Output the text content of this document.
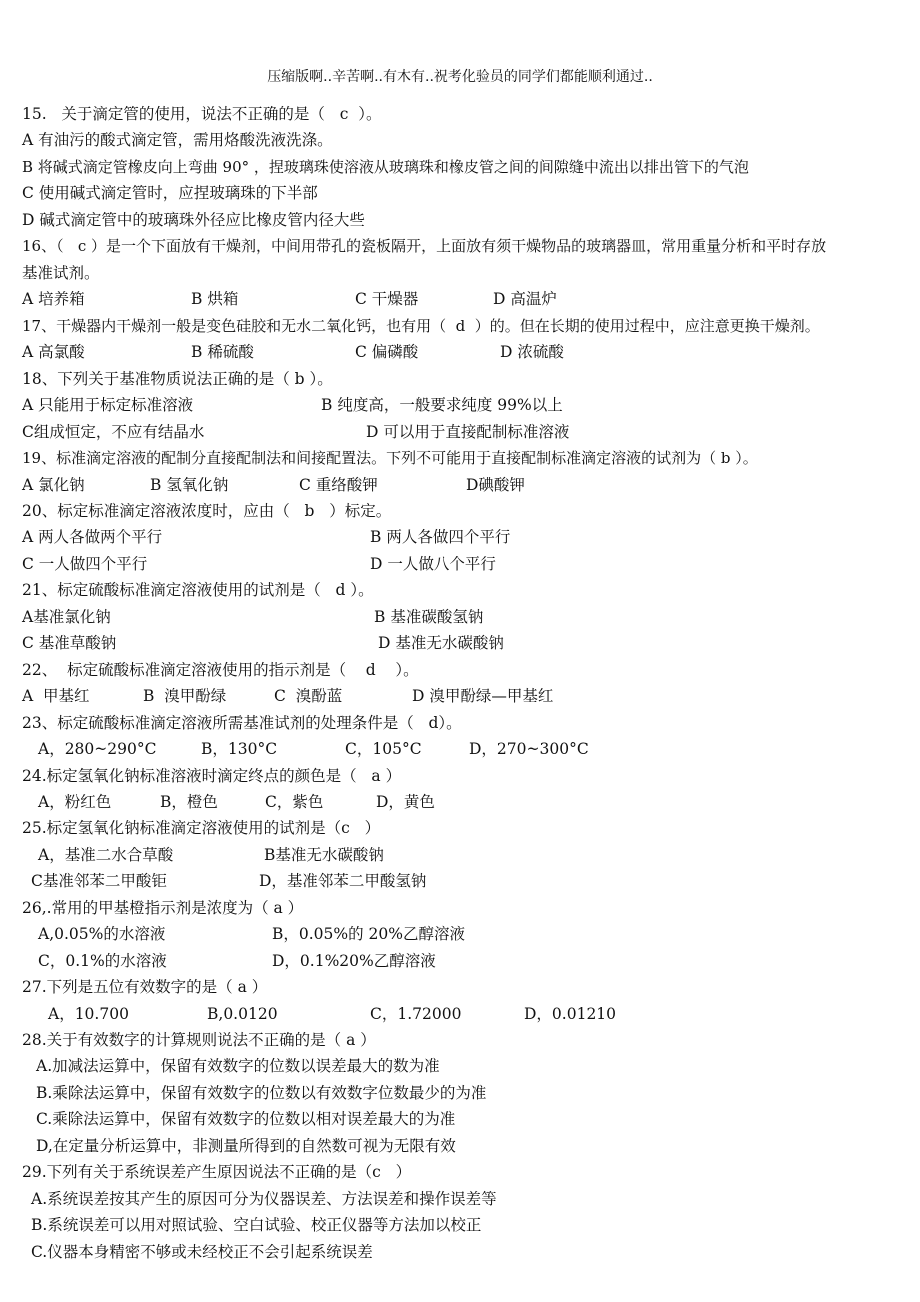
压缩版啊..辛苦啊..有木有..祝考化验员的同学们都能顺利通过..
15.   关于滴定管的使用，说法不正确的是（   c  ）。
A 有油污的酸式滴定管，需用烙酸洗液洗涤。
B 将碱式滴定管橡皮向上弯曲 90° ，捏玻璃珠使溶液从玻璃珠和橡皮管之间的间隙缝中流出以排出管下的气泡
C 使用碱式滴定管时，应捏玻璃珠的下半部
D 碱式滴定管中的玻璃珠外径应比橡皮管内径大些
16、（   c ）是一个下面放有干燥剂，中间用带孔的瓷板隔开，上面放有须干燥物品的玻璃器皿，常用重量分析和平时存放
基准试剂。
A 培养箱	B 烘箱	C 干燥器	D 高温炉
17、干燥器内干燥剂一般是变色硅胶和无水二氧化钙，也有用（  d  ）的。但在长期的使用过程中，应注意更换干燥剂。
A 高氯酸	B 稀硫酸	C 偏磷酸	D 浓硫酸
18、下列关于基准物质说法正确的是（ b ）。
A 只能用于标定标准溶液	B 纯度高，一般要求纯度 99%以上
C组成恒定，不应有结晶水	D 可以用于直接配制标准溶液
19、标准滴定溶液的配制分直接配制法和间接配置法。下列不可能用于直接配制标准滴定溶液的试剂为（ b ）。
A 氯化钠	B 氢氧化钠	C 重络酸钾	D碘酸钾
20、标定标准滴定溶液浓度时，应由（   b   ）标定。
A 两人各做两个平行	B 两人各做四个平行
C 一人做四个平行	D 一人做八个平行
21、标定硫酸标准滴定溶液使用的试剂是（   d ）。
A基准氯化钠	B 基准碳酸氢钠
C 基准草酸钠	D 基准无水碳酸钠
22、  标定硫酸标准滴定溶液使用的指示剂是（    d    ）。
A  甲基红	B  溴甲酚绿	C  溴酚蓝	D 溴甲酚绿—甲基红
23、标定硫酸标准滴定溶液所需基准试剂的处理条件是（   d）。
A，280~290°C	B，130°C	C，105°C	D，270~300°C
24.标定氢氧化钠标准溶液时滴定终点的颜色是（   a ）
A，粉红色	B，橙色	C，紫色	D，黄色
25.标定氢氧化钠标准滴定溶液使用的试剂是（c   ）
A，基准二水合草酸	B基准无水碳酸钠
C基准邻苯二甲酸钜	D，基准邻苯二甲酸氢钠
26,.常用的甲基橙指示剂是浓度为（ a ）
A,0.05%的水溶液	B，0.05%的 20%乙醇溶液
C，0.1%的水溶液	D，0.1%20%乙醇溶液
27.下列是五位有效数字的是（ a ）
A，10.700	B,0.0120	C，1.72000	D，0.01210
28.关于有效数字的计算规则说法不正确的是（ a ）
A.加减法运算中，保留有效数字的位数以误差最大的数为准
B.乘除法运算中，保留有效数字的位数以有效数字位数最少的为准
C.乘除法运算中，保留有效数字的位数以相对误差最大的为准
D,在定量分析运算中，非测量所得到的自然数可视为无限有效
29.下列有关于系统误差产生原因说法不正确的是（c   ）
A.系统误差按其产生的原因可分为仪器误差、方法误差和操作误差等
B.系统误差可以用对照试验、空白试验、校正仪器等方法加以校正
C.仪器本身精密不够或未经校正不会引起系统误差
